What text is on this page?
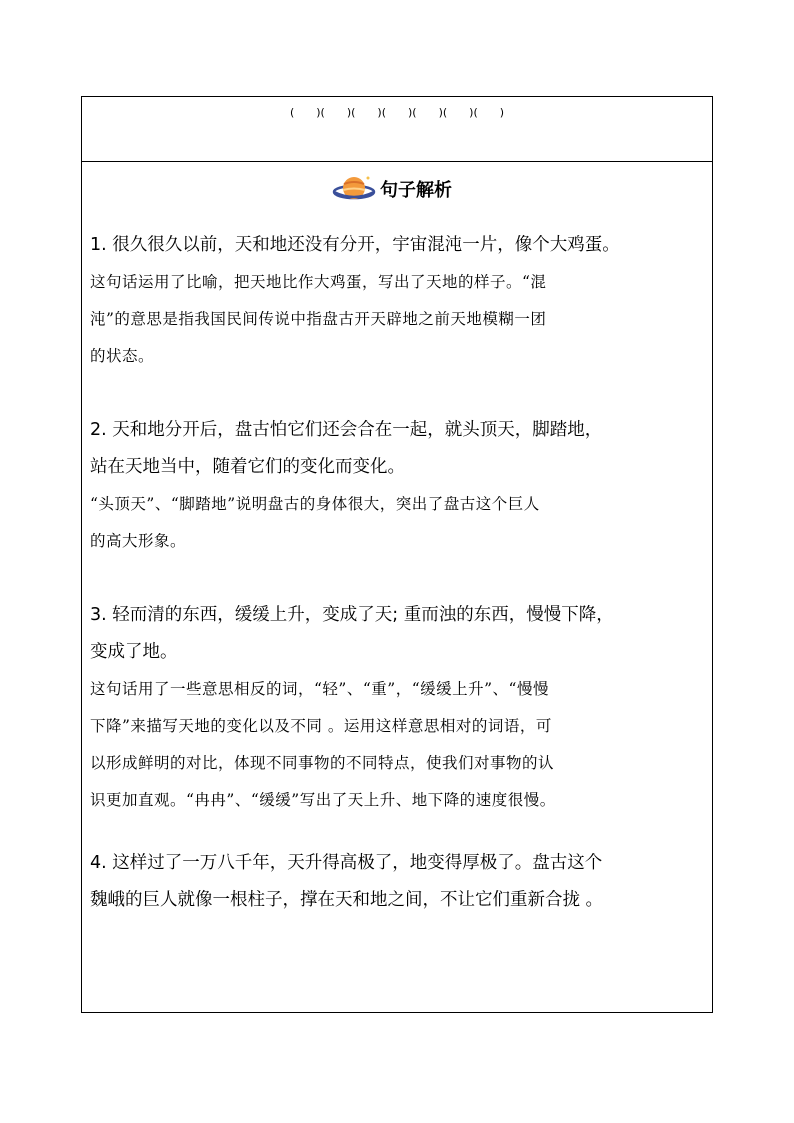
(　　)(　　)(　　)(　　)(　　)(　　)(　　)
句子解析

1. 很久很久以前，天和地还没有分开，宇宙混沌一片，像个大鸡蛋。

这句话运用了比喻，把天地比作大鸡蛋，写出了天地的样子。“混

沌”的意思是指我国民间传说中指盘古开天辟地之前天地模糊一团

的状态。

2. 天和地分开后，盘古怕它们还会合在一起，就头顶天，脚踏地，

站在天地当中，随着它们的变化而变化。

“头顶天”、“脚踏地”说明盘古的身体很大，突出了盘古这个巨人

的高大形象。

3. 轻而清的东西，缓缓上升，变成了天; 重而浊的东西，慢慢下降，

变成了地。

这句话用了一些意思相反的词，“轻”、“重”，“缓缓上升”、“慢慢

下降”来描写天地的变化以及不同 。运用这样意思相对的词语，可

以形成鲜明的对比，体现不同事物的不同特点，使我们对事物的认

识更加直观。“冉冉”、“缓缓”写出了天上升、地下降的速度很慢。

4. 这样过了一万八千年，天升得高极了，地变得厚极了。盘古这个

魏峨的巨人就像一根柱子，撑在天和地之间，不让它们重新合拢 。
